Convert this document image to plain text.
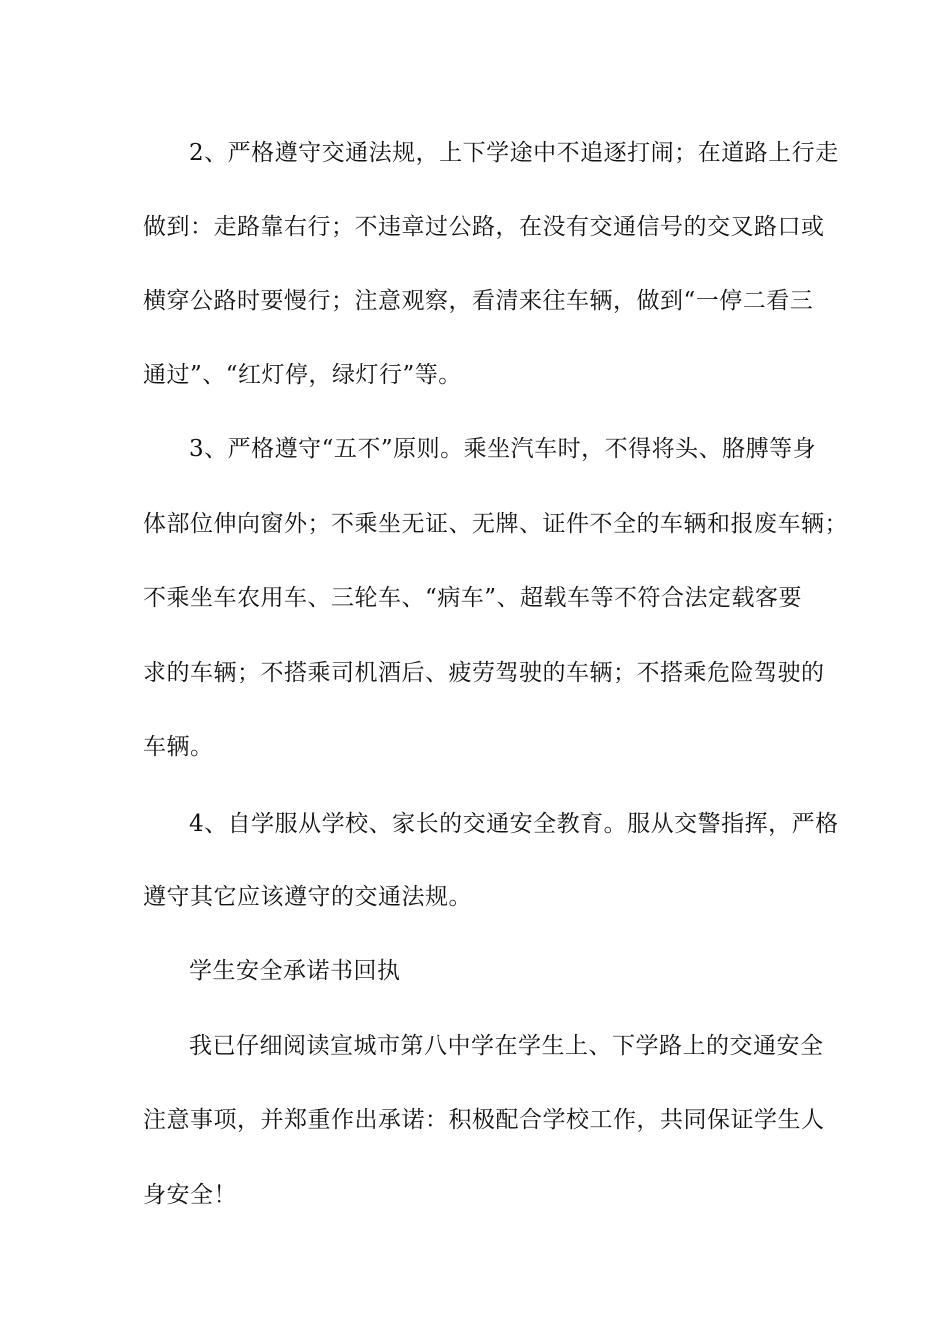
2、严格遵守交通法规，上下学途中不追逐打闹；在道路上行走
做到：走路靠右行；不违章过公路，在没有交通信号的交叉路口或
横穿公路时要慢行；注意观察，看清来往车辆，做到“一停二看三
通过”、“红灯停，绿灯行”等。
3、严格遵守“五不”原则。乘坐汽车时，不得将头、胳膊等身
体部位伸向窗外；不乘坐无证、无牌、证件不全的车辆和报废车辆；
不乘坐车农用车、三轮车、“病车”、超载车等不符合法定载客要
求的车辆；不搭乘司机酒后、疲劳驾驶的车辆；不搭乘危险驾驶的
车辆。
4、自学服从学校、家长的交通安全教育。服从交警指挥，严格
遵守其它应该遵守的交通法规。
学生安全承诺书回执
我已仔细阅读宣城市第八中学在学生上、下学路上的交通安全
注意事项，并郑重作出承诺：积极配合学校工作，共同保证学生人
身安全！
